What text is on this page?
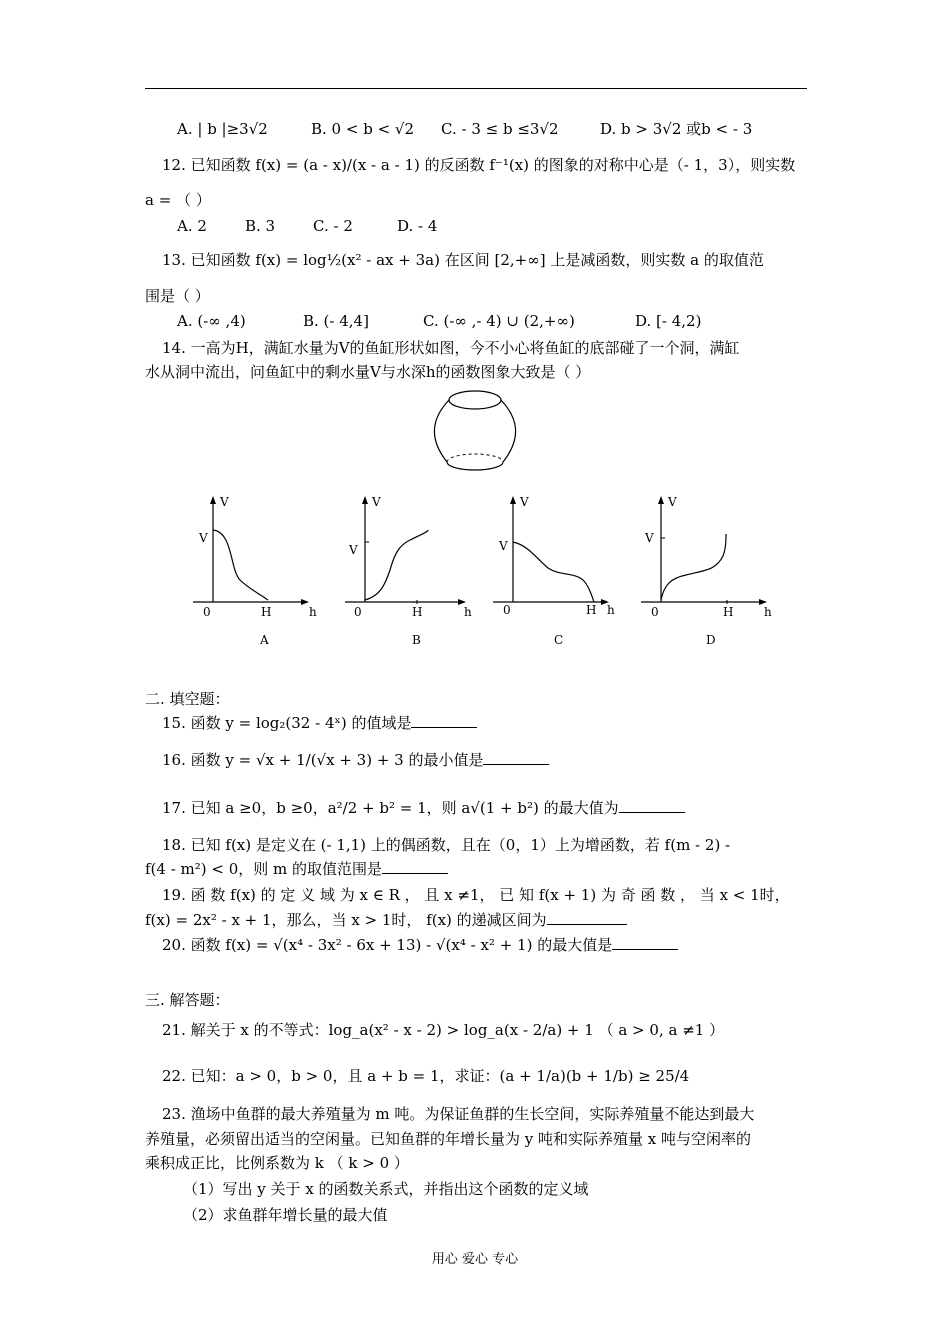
A. | b |≥3√2	B. 0 < b < √2 C. - 3 ≤ b ≤3√2	D. b > 3√2 或b < - 3
12. 已知函数 f(x) = (a - x)/(x - a - 1) 的反函数 f⁻¹(x) 的图象的对称中心是（- 1，3），则实数
a = （ ）
A. 2	B. 3	C. - 2	D. - 4
13. 已知函数 f(x) = log½(x² - ax + 3a) 在区间 [2,+∞] 上是减函数，则实数 a 的取值范
围是（ ）
A. (-∞ ,4)	B. (- 4,4]	C. (-∞ ,- 4) ∪ (2,+∞)	D. [- 4,2)
14. 一高为H，满缸水量为V的鱼缸形状如图，今不小心将鱼缸的底部碰了一个洞，满缸
水从洞中流出，问鱼缸中的剩水量V与水深h的函数图象大致是（ ）
V
V
0	H	h
A
V
V
0	H	h
B
V
V
0	H h
C
V
V
0	H	h
D
二. 填空题：
15. 函数 y = log₂(32 - 4ˣ) 的值域是
16. 函数 y = √x + 1/(√x + 3) + 3 的最小值是
17. 已知 a ≥0，b ≥0，a²/2 + b² = 1，则 a√(1 + b²) 的最大值为
18. 已知 f(x) 是定义在 (- 1,1) 上的偶函数，且在（0，1）上为增函数，若 f(m - 2) -
f(4 - m²) < 0，则 m 的取值范围是
19. 函 数 f(x) 的 定 义 域 为 x ∈ R ， 且 x ≠1， 已 知 f(x + 1) 为 奇 函 数 ， 当 x < 1时，
f(x) = 2x² - x + 1，那么，当 x > 1时， f(x) 的递减区间为
20. 函数 f(x) = √(x⁴ - 3x² - 6x + 13) - √(x⁴ - x² + 1) 的最大值是
三. 解答题：
21. 解关于 x 的不等式：log_a(x² - x - 2) > log_a(x - 2/a) + 1 （ a > 0, a ≠1 ）
22. 已知：a > 0，b > 0，且 a + b = 1，求证：(a + 1/a)(b + 1/b) ≥ 25/4
23. 渔场中鱼群的最大养殖量为 m 吨。为保证鱼群的生长空间，实际养殖量不能达到最大
养殖量，必须留出适当的空闲量。已知鱼群的年增长量为 y 吨和实际养殖量 x 吨与空闲率的
乘积成正比，比例系数为 k （ k > 0 ）
（1）写出 y 关于 x 的函数关系式，并指出这个函数的定义域
（2）求鱼群年增长量的最大值
用心 爱心 专心
